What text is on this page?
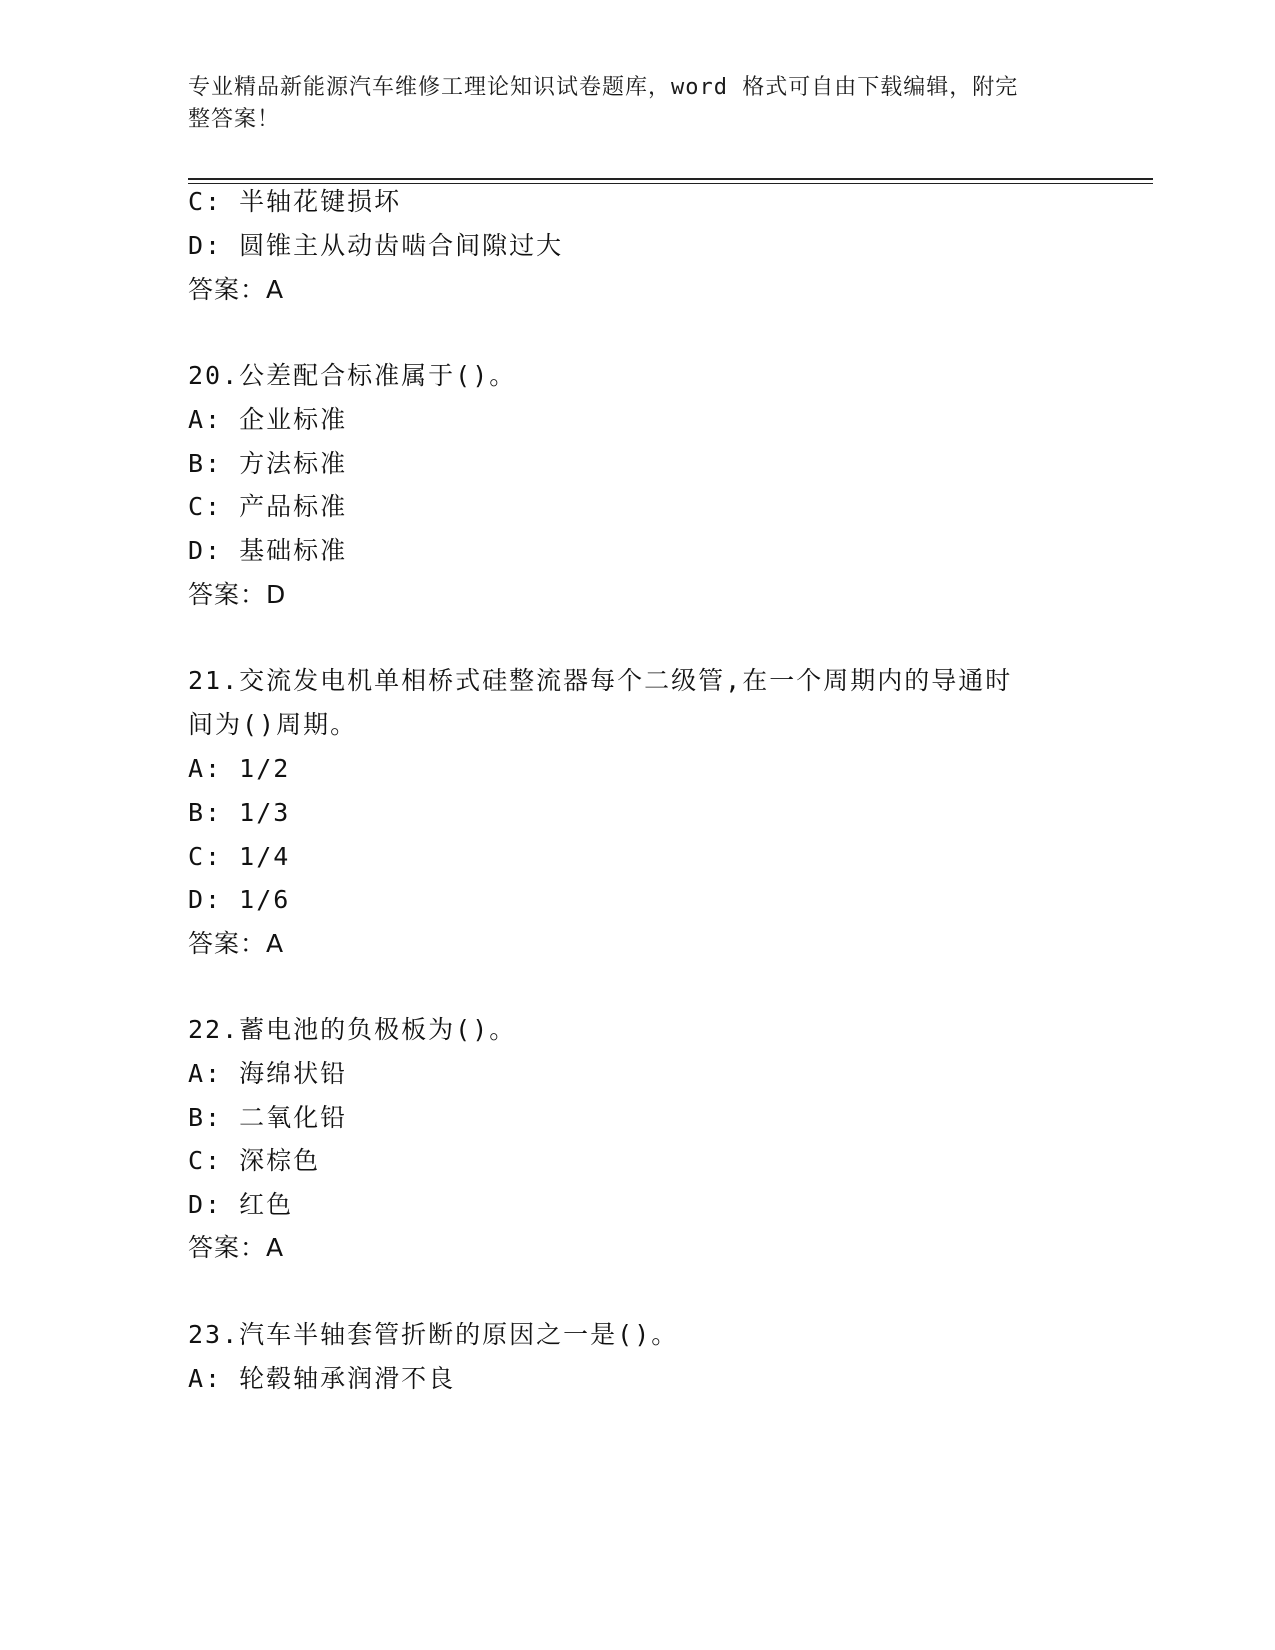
专业精品新能源汽车维修工理论知识试卷题库，word 格式可自由下载编辑，附完
整答案！
C: 半轴花键损坏
D: 圆锥主从动齿啮合间隙过大
答案：A
20.公差配合标准属于()。
A: 企业标准
B: 方法标准
C: 产品标准
D: 基础标准
答案：D
21.交流发电机单相桥式硅整流器每个二级管,在一个周期内的导通时
间为()周期。
A: 1/2
B: 1/3
C: 1/4
D: 1/6
答案：A
22.蓄电池的负极板为()。
A: 海绵状铅
B: 二氧化铅
C: 深棕色
D: 红色
答案：A
23.汽车半轴套管折断的原因之一是()。
A: 轮毂轴承润滑不良
